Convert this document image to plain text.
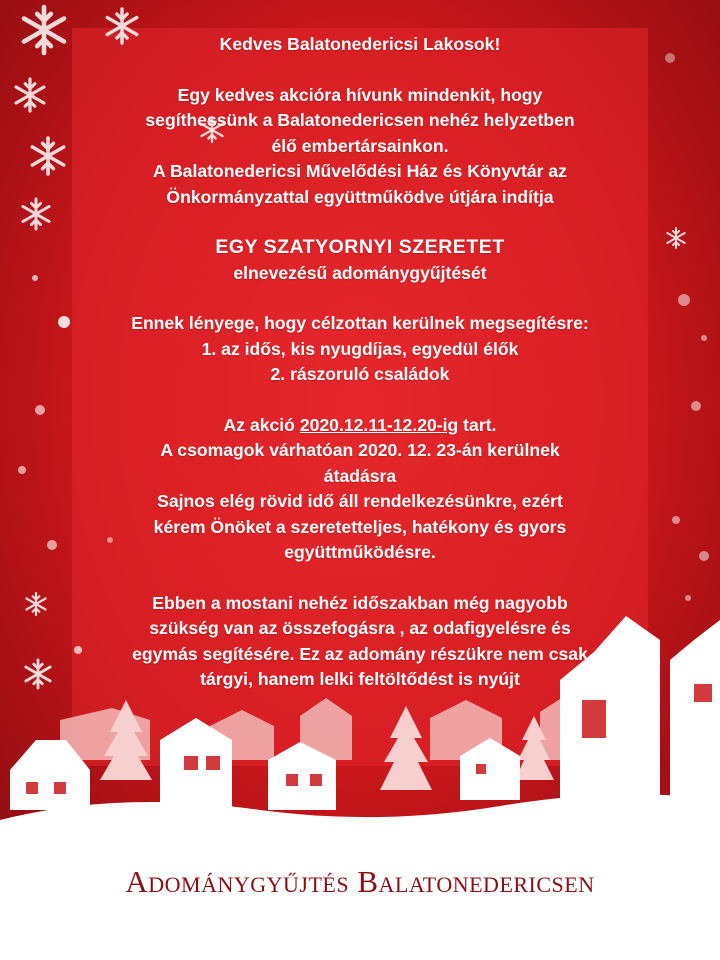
Kedves Balatonedericsi Lakosok!
Egy kedves akcióra hívunk mindenkit, hogy
segíthessünk a Balatonedericsen nehéz helyzetben
élő embertársainkon.
A Balatonedericsi Művelődési Ház és Könyvtár az
Önkormányzattal együttműködve útjára indítja
EGY SZATYORNYI SZERETET
elnevezésű adománygyűjtését
Ennek lényege, hogy célzottan kerülnek megsegítésre:
1. az idős, kis nyugdíjas, egyedül élők
2. rászoruló családok
Az akció 2020.12.11-12.20-ig tart.
A csomagok várhatóan 2020. 12. 23-án kerülnek
átadásra
Sajnos elég rövid idő áll rendelkezésünkre, ezért
kérem Önöket a szeretetteljes, hatékony és gyors
együttműködésre.
Ebben a mostani nehéz időszakban még nagyobb
szükség van az összefogásra , az odafigyelésre és
egymás segítésére. Ez az adomány részükre nem csak
tárgyi, hanem lelki feltöltődést is nyújt
Adománygyűjtés Balatonedericsen
